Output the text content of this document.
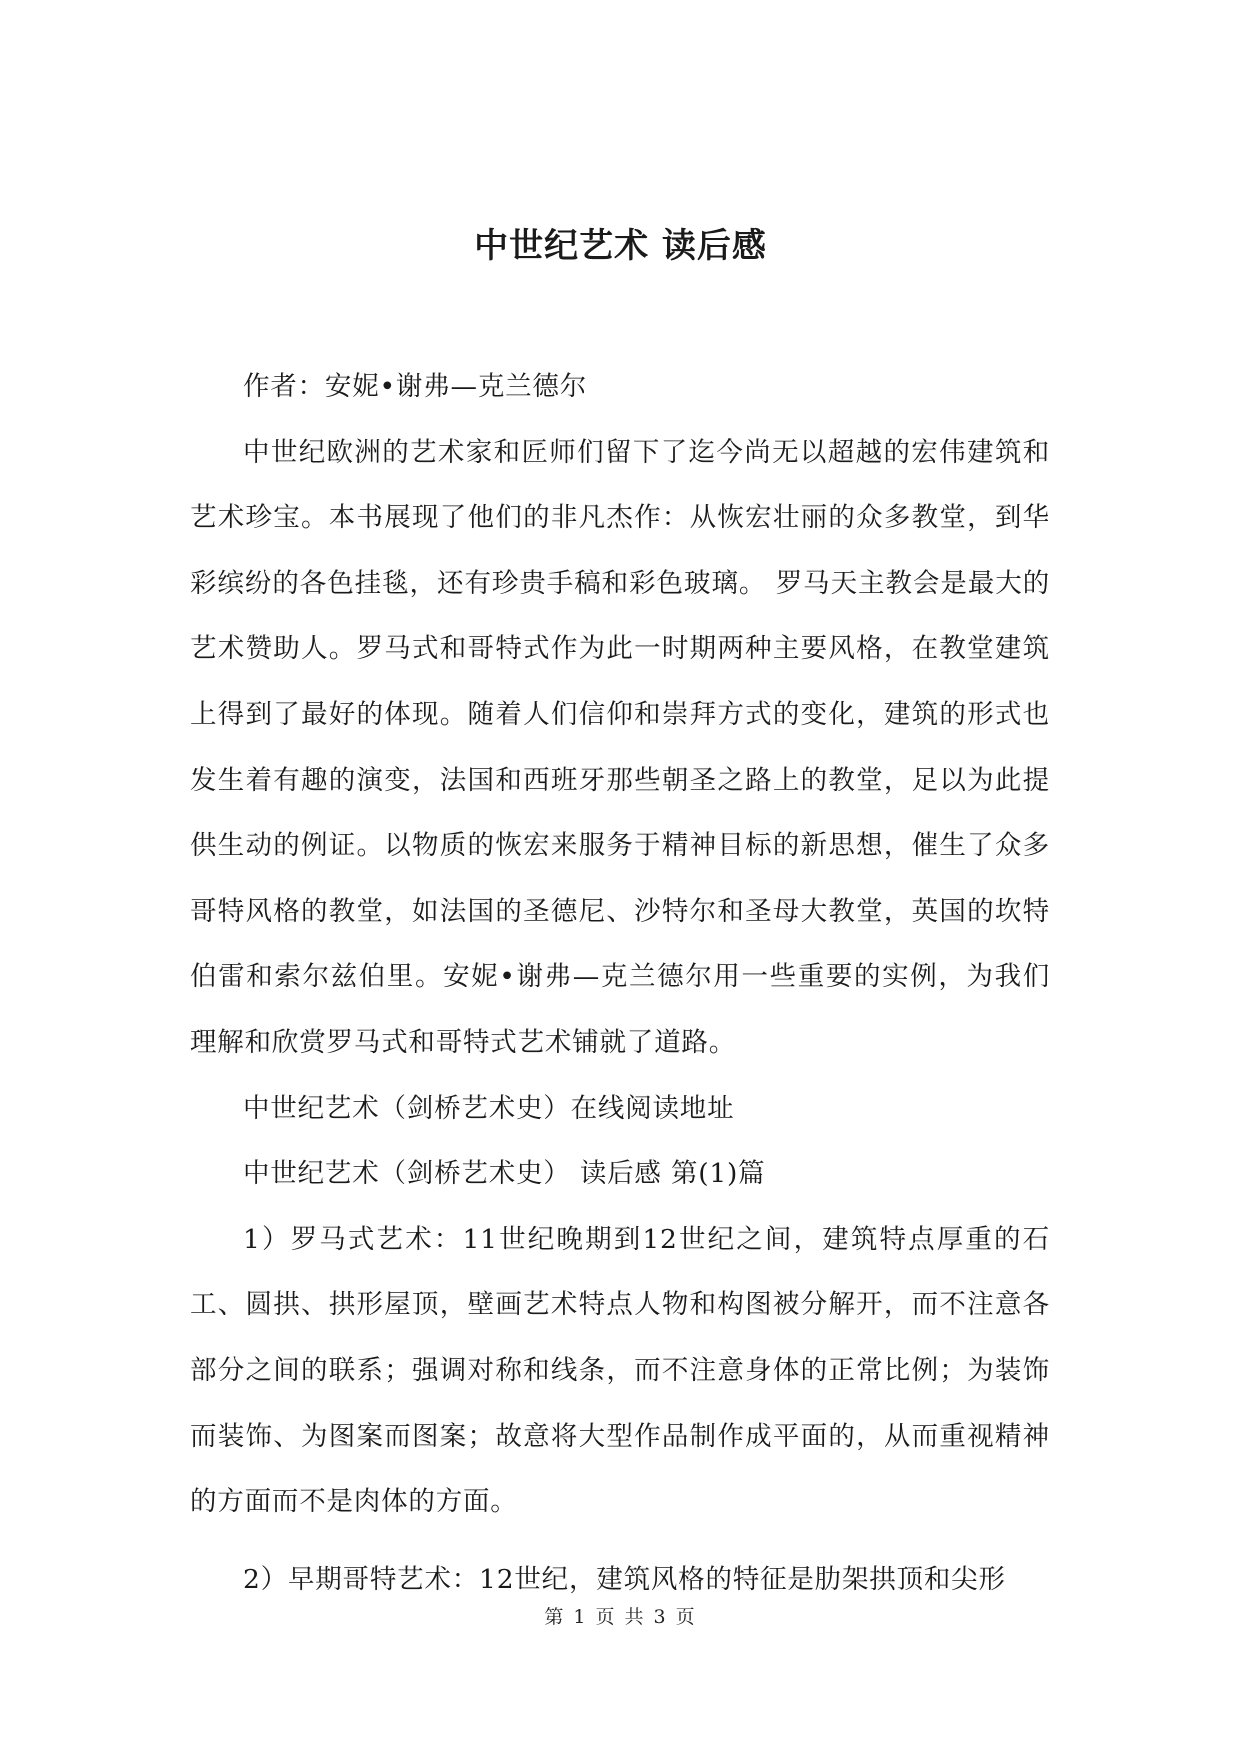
中世纪艺术 读后感

作者：安妮•谢弗—克兰德尔

中世纪欧洲的艺术家和匠师们留下了迄今尚无以超越的宏伟建筑和艺术珍宝。本书展现了他们的非凡杰作：从恢宏壮丽的众多教堂，到华彩缤纷的各色挂毯，还有珍贵手稿和彩色玻璃。 罗马天主教会是最大的艺术赞助人。罗马式和哥特式作为此一时期两种主要风格，在教堂建筑上得到了最好的体现。随着人们信仰和崇拜方式的变化，建筑的形式也发生着有趣的演变，法国和西班牙那些朝圣之路上的教堂，足以为此提供生动的例证。以物质的恢宏来服务于精神目标的新思想，催生了众多哥特风格的教堂，如法国的圣德尼、沙特尔和圣母大教堂，英国的坎特伯雷和索尔兹伯里。安妮•谢弗—克兰德尔用一些重要的实例，为我们理解和欣赏罗马式和哥特式艺术铺就了道路。

中世纪艺术（剑桥艺术史）在线阅读地址

中世纪艺术（剑桥艺术史） 读后感 第(1)篇

1）罗马式艺术：11世纪晚期到12世纪之间，建筑特点厚重的石工、圆拱、拱形屋顶，壁画艺术特点人物和构图被分解开，而不注意各部分之间的联系；强调对称和线条，而不注意身体的正常比例；为装饰而装饰、为图案而图案；故意将大型作品制作成平面的，从而重视精神的方面而不是肉体的方面。

2）早期哥特艺术：12世纪，建筑风格的特征是肋架拱顶和尖形

第 1 页 共 3 页
